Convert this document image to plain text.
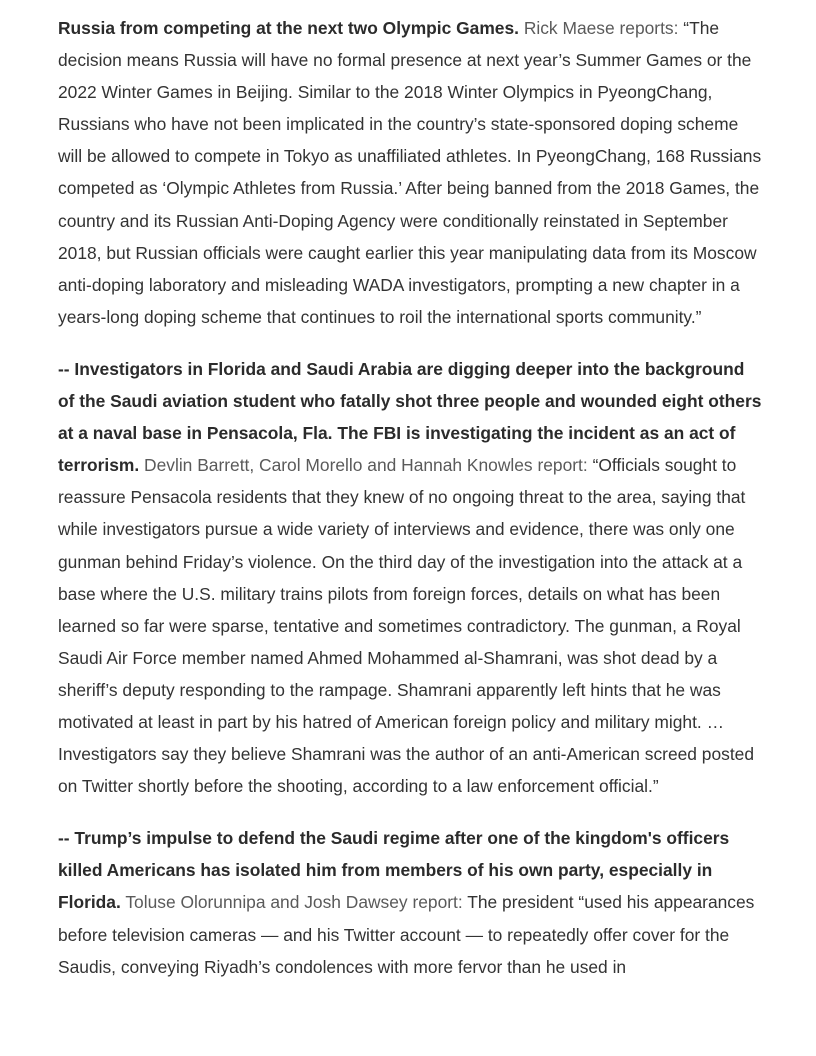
Russia from competing at the next two Olympic Games. Rick Maese reports: “The decision means Russia will have no formal presence at next year’s Summer Games or the 2022 Winter Games in Beijing. Similar to the 2018 Winter Olympics in PyeongChang, Russians who have not been implicated in the country’s state-sponsored doping scheme will be allowed to compete in Tokyo as unaffiliated athletes. In PyeongChang, 168 Russians competed as ‘Olympic Athletes from Russia.’ After being banned from the 2018 Games, the country and its Russian Anti-Doping Agency were conditionally reinstated in September 2018, but Russian officials were caught earlier this year manipulating data from its Moscow anti-doping laboratory and misleading WADA investigators, prompting a new chapter in a years-long doping scheme that continues to roil the international sports community.”

-- Investigators in Florida and Saudi Arabia are digging deeper into the background of the Saudi aviation student who fatally shot three people and wounded eight others at a naval base in Pensacola, Fla. The FBI is investigating the incident as an act of terrorism. Devlin Barrett, Carol Morello and Hannah Knowles report: “Officials sought to reassure Pensacola residents that they knew of no ongoing threat to the area, saying that while investigators pursue a wide variety of interviews and evidence, there was only one gunman behind Friday’s violence. On the third day of the investigation into the attack at a base where the U.S. military trains pilots from foreign forces, details on what has been learned so far were sparse, tentative and sometimes contradictory. The gunman, a Royal Saudi Air Force member named Ahmed Mohammed al-Shamrani, was shot dead by a sheriff’s deputy responding to the rampage. Shamrani apparently left hints that he was motivated at least in part by his hatred of American foreign policy and military might. … Investigators say they believe Shamrani was the author of an anti-American screed posted on Twitter shortly before the shooting, according to a law enforcement official.”

-- Trump’s impulse to defend the Saudi regime after one of the kingdom's officers killed Americans has isolated him from members of his own party, especially in Florida. Toluse Olorunnipa and Josh Dawsey report: The president “used his appearances before television cameras — and his Twitter account — to repeatedly offer cover for the Saudis, conveying Riyadh’s condolences with more fervor than he used in
